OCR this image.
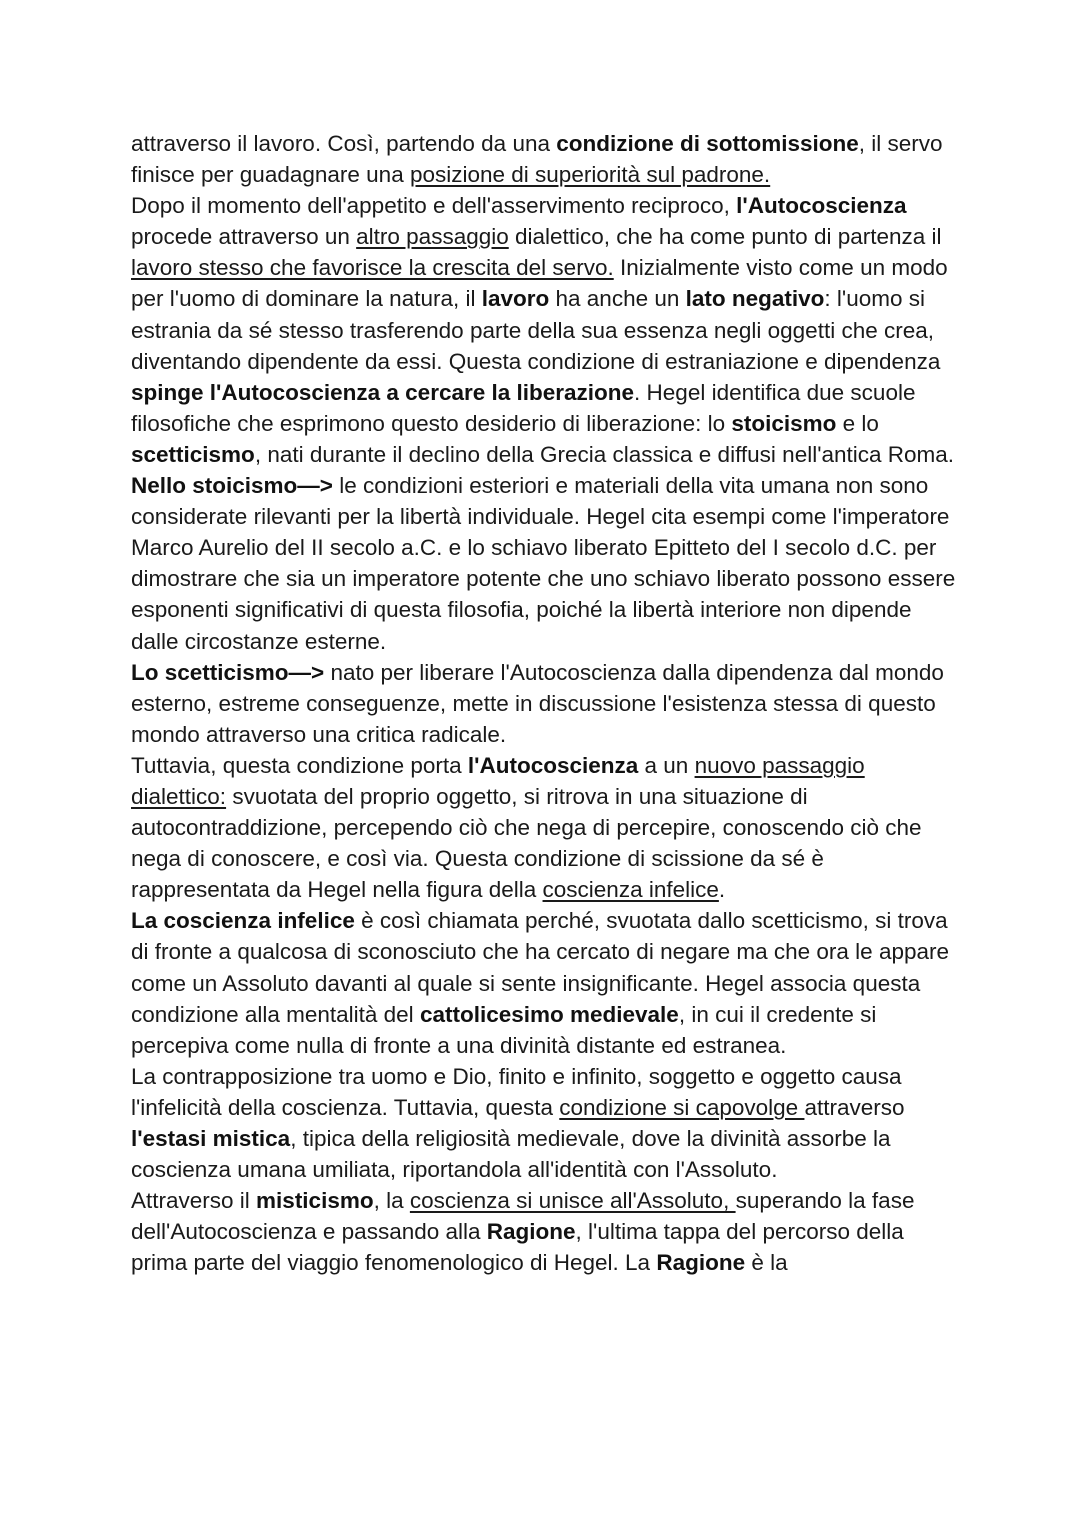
attraverso il lavoro. Così, partendo da una condizione di sottomissione, il servo finisce per guadagnare una posizione di superiorità sul padrone.

Dopo il momento dell'appetito e dell'asservimento reciproco, l'Autocoscienza procede attraverso un altro passaggio dialettico, che ha come punto di partenza il lavoro stesso che favorisce la crescita del servo. Inizialmente visto come un modo per l'uomo di dominare la natura, il lavoro ha anche un lato negativo: l'uomo si estrania da sé stesso trasferendo parte della sua essenza negli oggetti che crea, diventando dipendente da essi. Questa condizione di estraniazione e dipendenza spinge l'Autocoscienza a cercare la liberazione. Hegel identifica due scuole filosofiche che esprimono questo desiderio di liberazione: lo stoicismo e lo scetticismo, nati durante il declino della Grecia classica e diffusi nell'antica Roma.

Nello stoicismo—> le condizioni esteriori e materiali della vita umana non sono considerate rilevanti per la libertà individuale. Hegel cita esempi come l'imperatore Marco Aurelio del II secolo a.C. e lo schiavo liberato Epitteto del I secolo d.C. per dimostrare che sia un imperatore potente che uno schiavo liberato possono essere esponenti significativi di questa filosofia, poiché la libertà interiore non dipende dalle circostanze esterne.

Lo scetticismo—> nato per liberare l'Autocoscienza dalla dipendenza dal mondo esterno, estreme conseguenze, mette in discussione l'esistenza stessa di questo mondo attraverso una critica radicale.

Tuttavia, questa condizione porta l'Autocoscienza a un nuovo passaggio dialettico: svuotata del proprio oggetto, si ritrova in una situazione di autocontraddizione, percependo ciò che nega di percepire, conoscendo ciò che nega di conoscere, e così via. Questa condizione di scissione da sé è rappresentata da Hegel nella figura della coscienza infelice.

La coscienza infelice è così chiamata perché, svuotata dallo scetticismo, si trova di fronte a qualcosa di sconosciuto che ha cercato di negare ma che ora le appare come un Assoluto davanti al quale si sente insignificante. Hegel associa questa condizione alla mentalità del cattolicesimo medievale, in cui il credente si percepiva come nulla di fronte a una divinità distante ed estranea.

La contrapposizione tra uomo e Dio, finito e infinito, soggetto e oggetto causa l'infelicità della coscienza. Tuttavia, questa condizione si capovolge attraverso l'estasi mistica, tipica della religiosità medievale, dove la divinità assorbe la coscienza umana umiliata, riportandola all'identità con l'Assoluto.

Attraverso il misticismo, la coscienza si unisce all'Assoluto, superando la fase dell'Autocoscienza e passando alla Ragione, l'ultima tappa del percorso della prima parte del viaggio fenomenologico di Hegel. La Ragione è la
